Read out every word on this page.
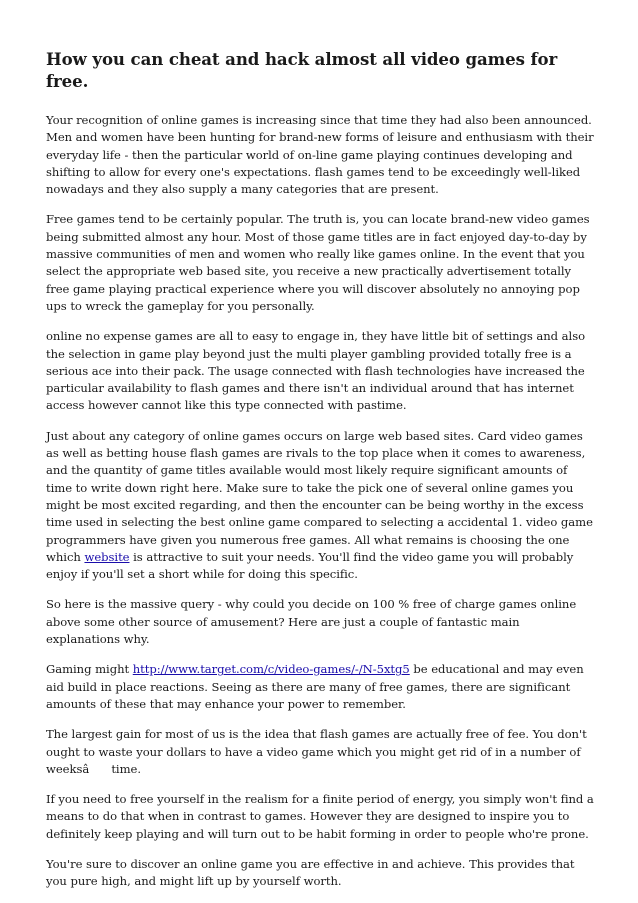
How you can cheat and hack almost all video games for free.

Your recognition of online games is increasing since that time they had also been announced. Men and women have been hunting for brand-new forms of leisure and enthusiasm with their everyday life - then the particular world of on-line game playing continues developing and shifting to allow for every one's expectations. flash games tend to be exceedingly well-liked nowadays and they also supply a many categories that are present.

Free games tend to be certainly popular. The truth is, you can locate brand-new video games being submitted almost any hour. Most of those game titles are in fact enjoyed day-to-day by massive communities of men and women who really like games online. In the event that you select the appropriate web based site, you receive a new practically advertisement totally free game playing practical experience where you will discover absolutely no annoying pop ups to wreck the gameplay for you personally.

online no expense games are all to easy to engage in, they have little bit of settings and also the selection in game play beyond just the multi player gambling provided totally free is a serious ace into their pack. The usage connected with flash technologies have increased the particular availability to flash games and there isn't an individual around that has internet access however cannot like this type connected with pastime.

Just about any category of online games occurs on large web based sites. Card video games as well as betting house flash games are rivals to the top place when it comes to awareness, and the quantity of game titles available would most likely require significant amounts of time to write down right here. Make sure to take the pick one of several online games you might be most excited regarding, and then the encounter can be being worthy in the excess time used in selecting the best online game compared to selecting a accidental 1. video game programmers have given you numerous free games. All what remains is choosing the one which website is attractive to suit your needs. You'll find the video game you will probably enjoy if you'll set a short while for doing this specific.

So here is the massive query - why could you decide on 100 % free of charge games online above some other source of amusement? Here are just a couple of fantastic main explanations why.

Gaming might http://www.target.com/c/video-games/-/N-5xtg5 be educational and may even aid build in place reactions. Seeing as there are many of free games, there are significant amounts of these that may enhance your power to remember.

The largest gain for most of us is the idea that flash games are actually free of fee. You don't ought to waste your dollars to have a video game which you might get rid of in a number of weeksâ time.

If you need to free yourself in the realism for a finite period of energy, you simply won't find a means to do that when in contrast to games. However they are designed to inspire you to definitely keep playing and will turn out to be habit forming in order to people who're prone.

You're sure to discover an online game you are effective in and achieve. This provides that you pure high, and might lift up by yourself worth.
